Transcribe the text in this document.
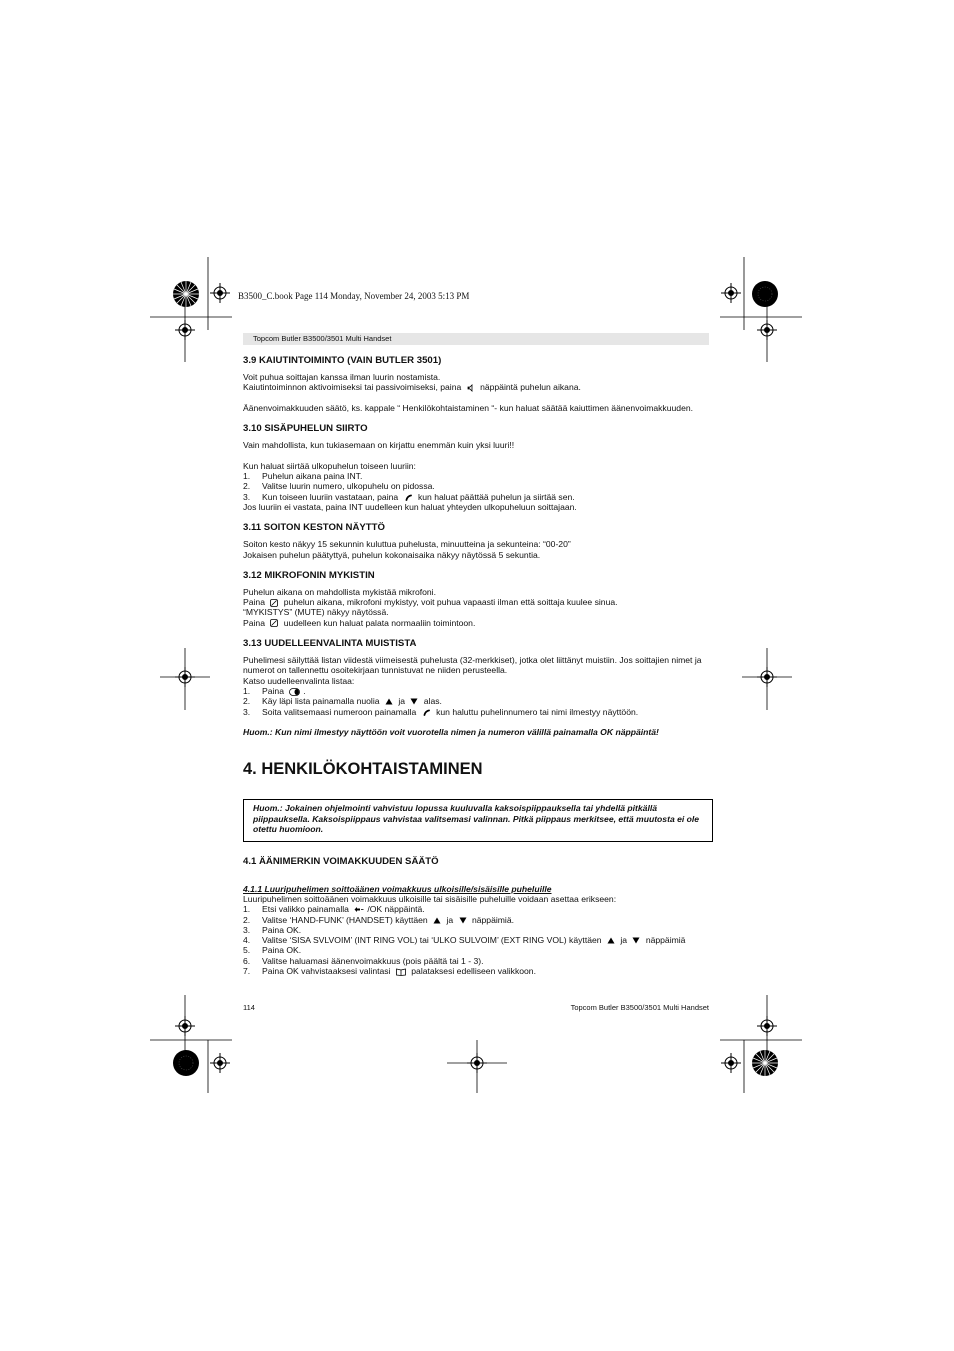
B3500_C.book Page 114 Monday, November 24, 2003 5:13 PM
Topcom Butler B3500/3501 Multi Handset
3.9 KAIUTINTOIMINTO (VAIN BUTLER 3501)

Voit puhua soittajan kanssa ilman luurin nostamista.

Kaiutintoiminnon aktivoimiseksi tai passivoimiseksi, paina näppäintä puhelun aikana.

Äänenvoimakkuuden säätö, ks. kappale “ Henkilökohtaistaminen “- kun haluat säätää kaiuttimen äänenvoimakkuuden.

3.10 SISÄPUHELUN SIIRTO

Vain mahdollista, kun tukiasemaan on kirjattu enemmän kuin yksi luuri!!

Kun haluat siirtää ulkopuhelun toiseen luuriin:

1. Puhelun aikana paina INT.
2. Valitse luurin numero, ulkopuhelu on pidossa.
3. Kun toiseen luuriin vastataan, paina kun haluat päättää puhelun ja siirtää sen.

Jos luuriin ei vastata, paina INT uudelleen kun haluat yhteyden ulkopuheluun soittajaan.

3.11 SOITON KESTON NÄYTTÖ

Soiton kesto näkyy 15 sekunnin kuluttua puhelusta, minuutteina ja sekunteina: “00-20”

Jokaisen puhelun päätyttyä, puhelun kokonaisaika näkyy näytössä 5 sekuntia.

3.12 MIKROFONIN MYKISTIN

Puhelun aikana on mahdollista mykistää mikrofoni.

Paina puhelun aikana, mikrofoni mykistyy, voit puhua vapaasti ilman että soittaja kuulee sinua.

“MYKISTYS” (MUTE) näkyy näytössä.

Paina uudelleen kun haluat palata normaaliin toimintoon.

3.13 UUDELLEENVALINTA MUISTISTA

Puhelimesi säilyttää listan viidestä viimeisestä puhelusta (32-merkkiset), jotka olet liittänyt muistiin. Jos soittajien nimet ja numerot on tallennettu osoitekirjaan tunnistuvat ne niiden perusteella.

Katso uudelleenvalinta listaa:

1. Paina .
2. Käy läpi lista painamalla nuolia ja alas.
3. Soita valitsemaasi numeroon painamalla kun haluttu puhelinnumero tai nimi ilmestyy näyttöön.

Huom.: Kun nimi ilmestyy näyttöön voit vuorotella nimen ja numeron välillä painamalla OK näppäintä!

4. HENKILÖKOHTAISTAMINEN
Huom.: Jokainen ohjelmointi vahvistuu lopussa kuuluvalla kaksoispiippauksella tai yhdellä pitkällä piippauksella. Kaksoispiippaus vahvistaa valitsemasi valinnan. Pitkä piippaus merkitsee, että muutosta ei ole otettu huomioon.
4.1 ÄÄNIMERKIN VOIMAKKUUDEN SÄÄTÖ

4.1.1 Luuripuhelimen soittoäänen voimakkuus ulkoisille/sisäisille puheluille

Luuripuhelimen soittoäänen voimakkuus ulkoisille tai sisäisille puheluille voidaan asettaa erikseen:

1. Etsi valikko painamalla /OK näppäintä.
2. Valitse ‘HAND-FUNK’ (HANDSET) käyttäen ja näppäimiä.
3. Paina OK.
4. Valitse ‘SISA SVLVOIM’ (INT RING VOL) tai ‘ULKO SULVOIM’ (EXT RING VOL) käyttäen ja näppäimiä
5. Paina OK.
6. Valitse haluamasi äänenvoimakkuus (pois päältä tai 1 - 3).
7. Paina OK vahvistaaksesi valintasi palataksesi edelliseen valikkoon.
114	Topcom Butler B3500/3501 Multi Handset
